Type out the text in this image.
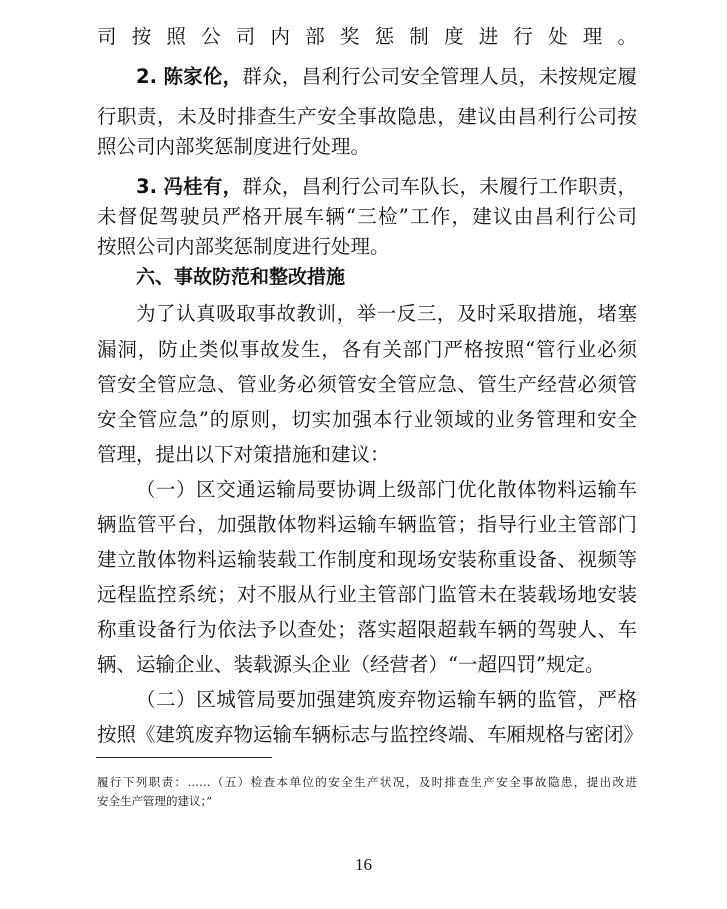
司按照公司内部奖惩制度进行处理。
2. 陈家伦，群众，昌利行公司安全管理人员，未按规定履
行职责，未及时排查生产安全事故隐患，建议由昌利行公司按
照公司内部奖惩制度进行处理。
3. 冯桂有，群众，昌利行公司车队长，未履行工作职责，
未督促驾驶员严格开展车辆“三检”工作，建议由昌利行公司
按照公司内部奖惩制度进行处理。
六、事故防范和整改措施
为了认真吸取事故教训，举一反三，及时采取措施，堵塞
漏洞，防止类似事故发生，各有关部门严格按照“管行业必须
管安全管应急、管业务必须管安全管应急、管生产经营必须管
安全管应急”的原则，切实加强本行业领域的业务管理和安全
管理，提出以下对策措施和建议：
（一）区交通运输局要协调上级部门优化散体物料运输车
辆监管平台，加强散体物料运输车辆监管；指导行业主管部门
建立散体物料运输装载工作制度和现场安装称重设备、视频等
远程监控系统；对不服从行业主管部门监管未在装载场地安装
称重设备行为依法予以查处；落实超限超载车辆的驾驶人、车
辆、运输企业、装载源头企业（经营者）“一超四罚”规定。
（二）区城管局要加强建筑废弃物运输车辆的监管，严格
按照《建筑废弃物运输车辆标志与监控终端、车厢规格与密闭》
履行下列职责：……（五）检查本单位的安全生产状况，及时排查生产安全事故隐患，提出改进
安全生产管理的建议；”
16
